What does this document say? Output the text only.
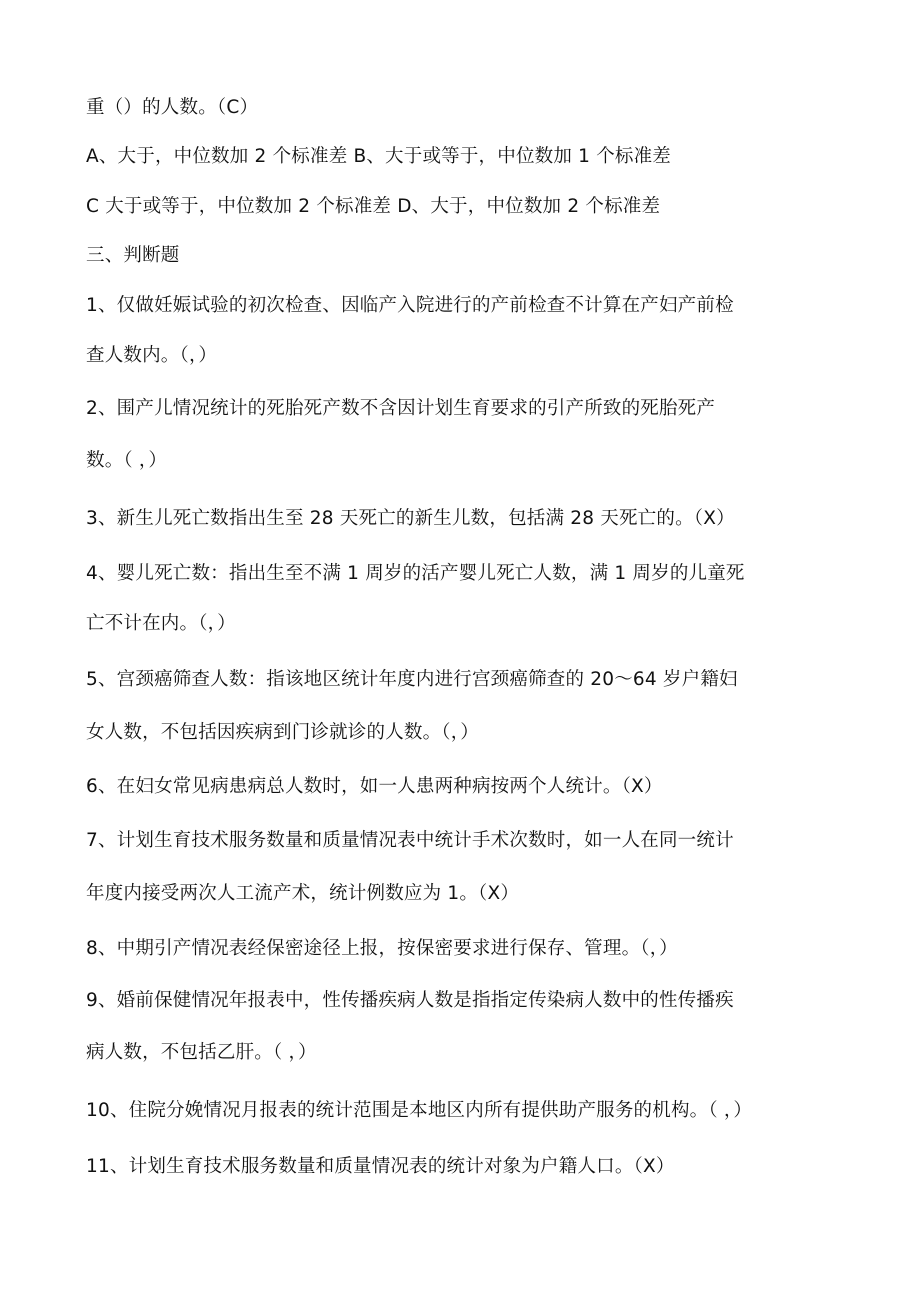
重（）的人数。（C）
A、大于，中位数加 2 个标准差 B、大于或等于，中位数加 1 个标准差
C 大于或等于，中位数加 2 个标准差 D、大于，中位数加 2 个标准差
三、判断题
1、仅做妊娠试验的初次检查、因临产入院进行的产前检查不计算在产妇产前检
查人数内。（，）
2、围产儿情况统计的死胎死产数不含因计划生育要求的引产所致的死胎死产
数。（ ，）
3、新生儿死亡数指出生至 28 天死亡的新生儿数，包括满 28 天死亡的。（X）
4、婴儿死亡数：指出生至不满 1 周岁的活产婴儿死亡人数，满 1 周岁的儿童死
亡不计在内。（，）
5、宫颈癌筛查人数：指该地区统计年度内进行宫颈癌筛查的 20〜64 岁户籍妇
女人数，不包括因疾病到门诊就诊的人数。（，）
6、在妇女常见病患病总人数时，如一人患两种病按两个人统计。（X）
7、计划生育技术服务数量和质量情况表中统计手术次数时，如一人在同一统计
年度内接受两次人工流产术，统计例数应为 1。（X）
8、中期引产情况表经保密途径上报，按保密要求进行保存、管理。（，）
9、婚前保健情况年报表中，性传播疾病人数是指指定传染病人数中的性传播疾
病人数，不包括乙肝。（ ，）
10、住院分娩情况月报表的统计范围是本地区内所有提供助产服务的机构。（ ，）
11、计划生育技术服务数量和质量情况表的统计对象为户籍人口。（X）
